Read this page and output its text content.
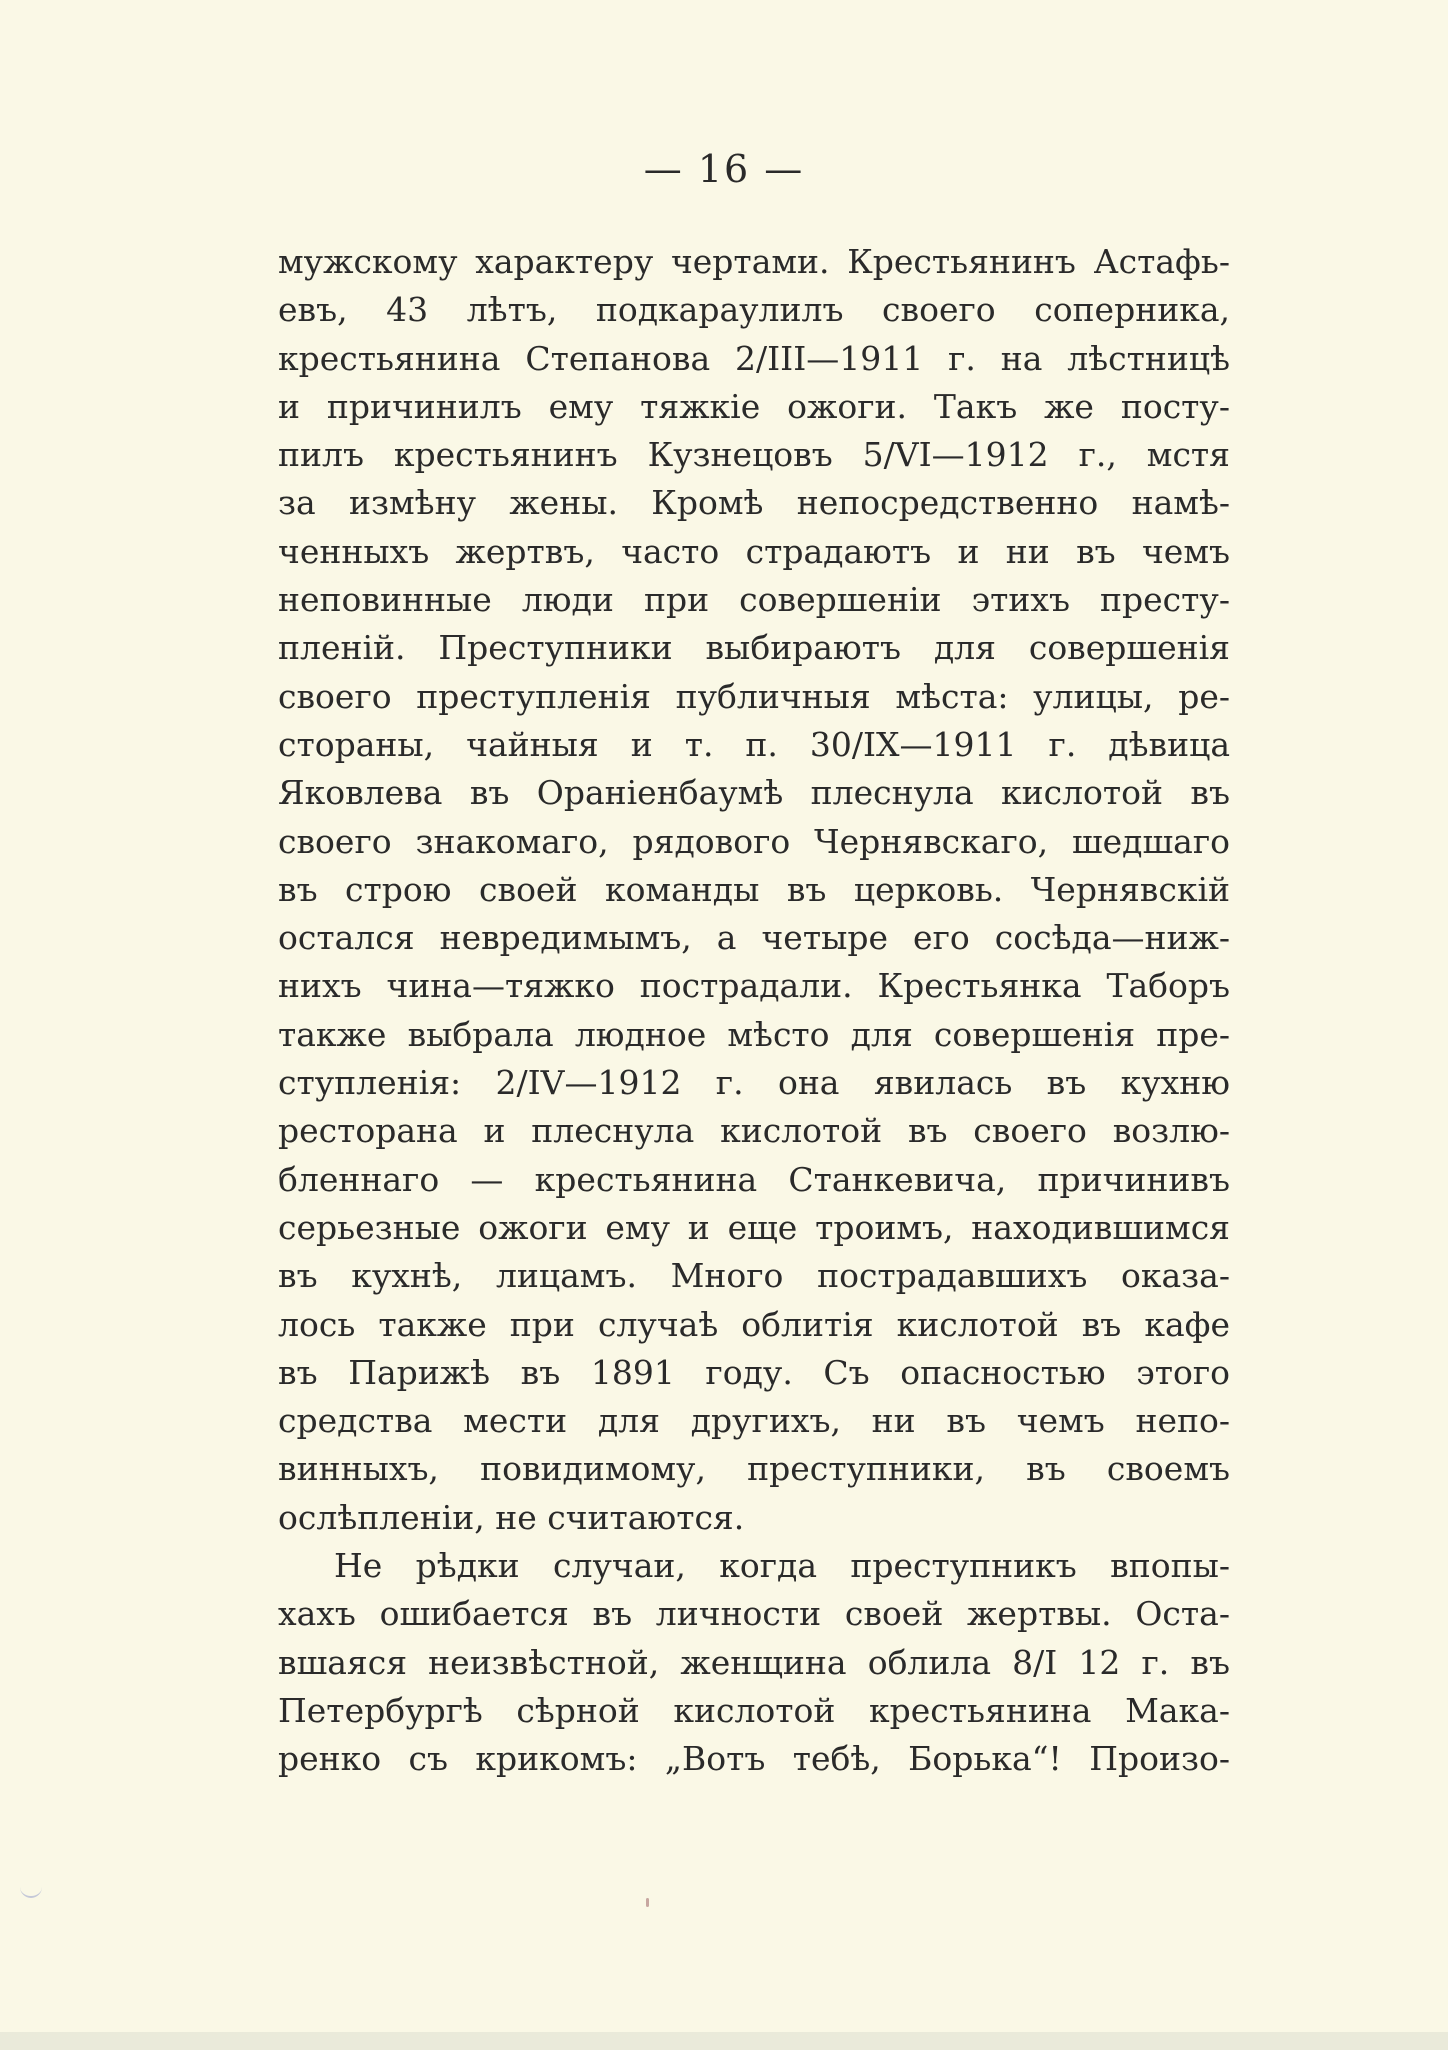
— 16 —
мужскому характеру чертами. Крестьянинъ Астафь-
евъ, 43 лѣтъ, подкараулилъ своего соперника,
крестьянина Степанова 2/III—1911 г. на лѣстницѣ
и причинилъ ему тяжкіе ожоги. Такъ же посту-
пилъ крестьянинъ Кузнецовъ 5/VI—1912 г., мстя
за измѣну жены. Кромѣ непосредственно намѣ-
ченныхъ жертвъ, часто страдаютъ и ни въ чемъ
неповинные люди при совершеніи этихъ престу-
пленій. Преступники выбираютъ для совершенія
своего преступленія публичныя мѣста: улицы, ре-
стораны, чайныя и т. п. 30/IX—1911 г. дѣвица
Яковлева въ Ораніенбаумѣ плеснула кислотой въ
своего знакомаго, рядового Чернявскаго, шедшаго
въ строю своей команды въ церковь. Чернявскій
остался невредимымъ, а четыре его сосѣда—ниж-
нихъ чина—тяжко пострадали. Крестьянка Таборъ
также выбрала людное мѣсто для совершенія пре-
ступленія: 2/IV—1912 г. она явилась въ кухню
ресторана и плеснула кислотой въ своего возлю-
бленнаго — крестьянина Станкевича, причинивъ
серьезные ожоги ему и еще троимъ, находившимся
въ кухнѣ, лицамъ. Много пострадавшихъ оказа-
лось также при случаѣ облитія кислотой въ кафе
въ Парижѣ въ 1891 году. Съ опасностью этого
средства мести для другихъ, ни въ чемъ непо-
винныхъ, повидимому, преступники, въ своемъ
ослѣпленіи, не считаются.
Не рѣдки случаи, когда преступникъ впопы-
хахъ ошибается въ личности своей жертвы. Оста-
вшаяся неизвѣстной, женщина облила 8/I 12 г. въ
Петербургѣ сѣрной кислотой крестьянина Мака-
ренко съ крикомъ: „Вотъ тебѣ, Борька“! Произо-
